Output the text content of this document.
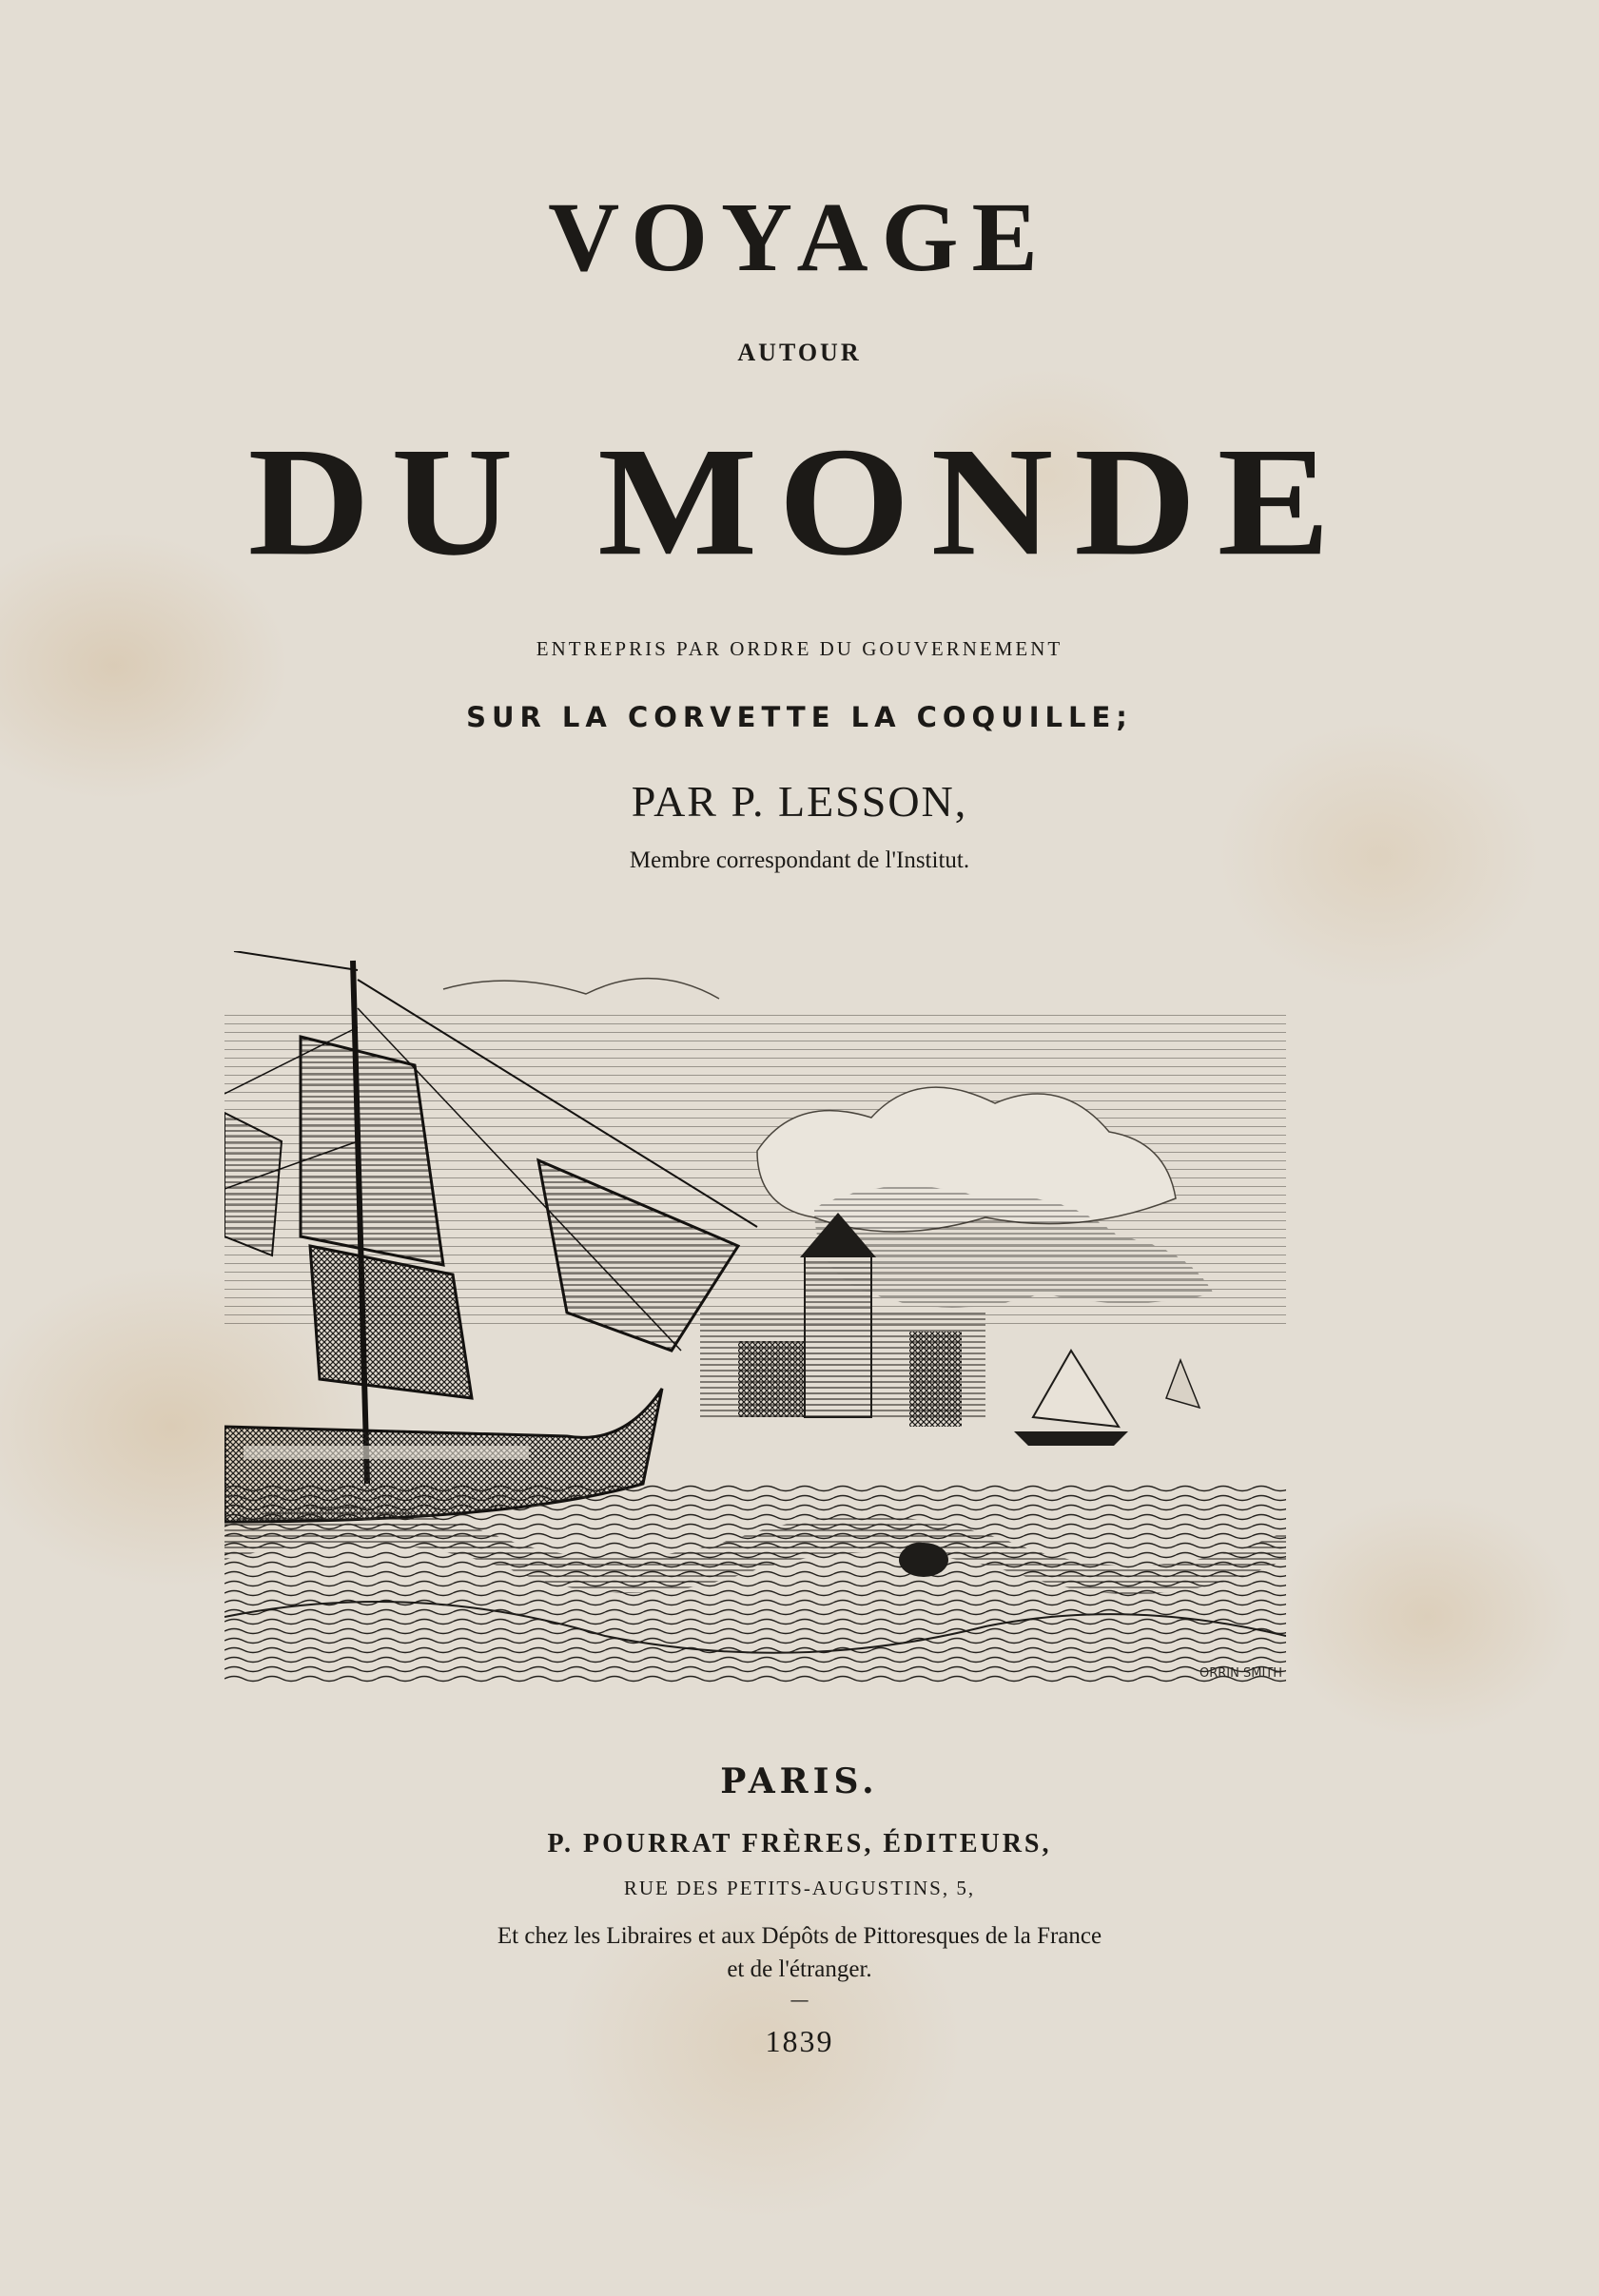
VOYAGE

AUTOUR

DU MONDE

ENTREPRIS PAR ORDRE DU GOUVERNEMENT

SUR LA CORVETTE LA COQUILLE;

PAR P. LESSON,

Membre correspondant de l'Institut.

ORRIN SMITH

PARIS.

P. POURRAT FRÈRES, ÉDITEURS,

RUE DES PETITS-AUGUSTINS, 5,

Et chez les Libraires et aux Dépôts de Pittoresques de la France

et de l'étranger.

—

1839
